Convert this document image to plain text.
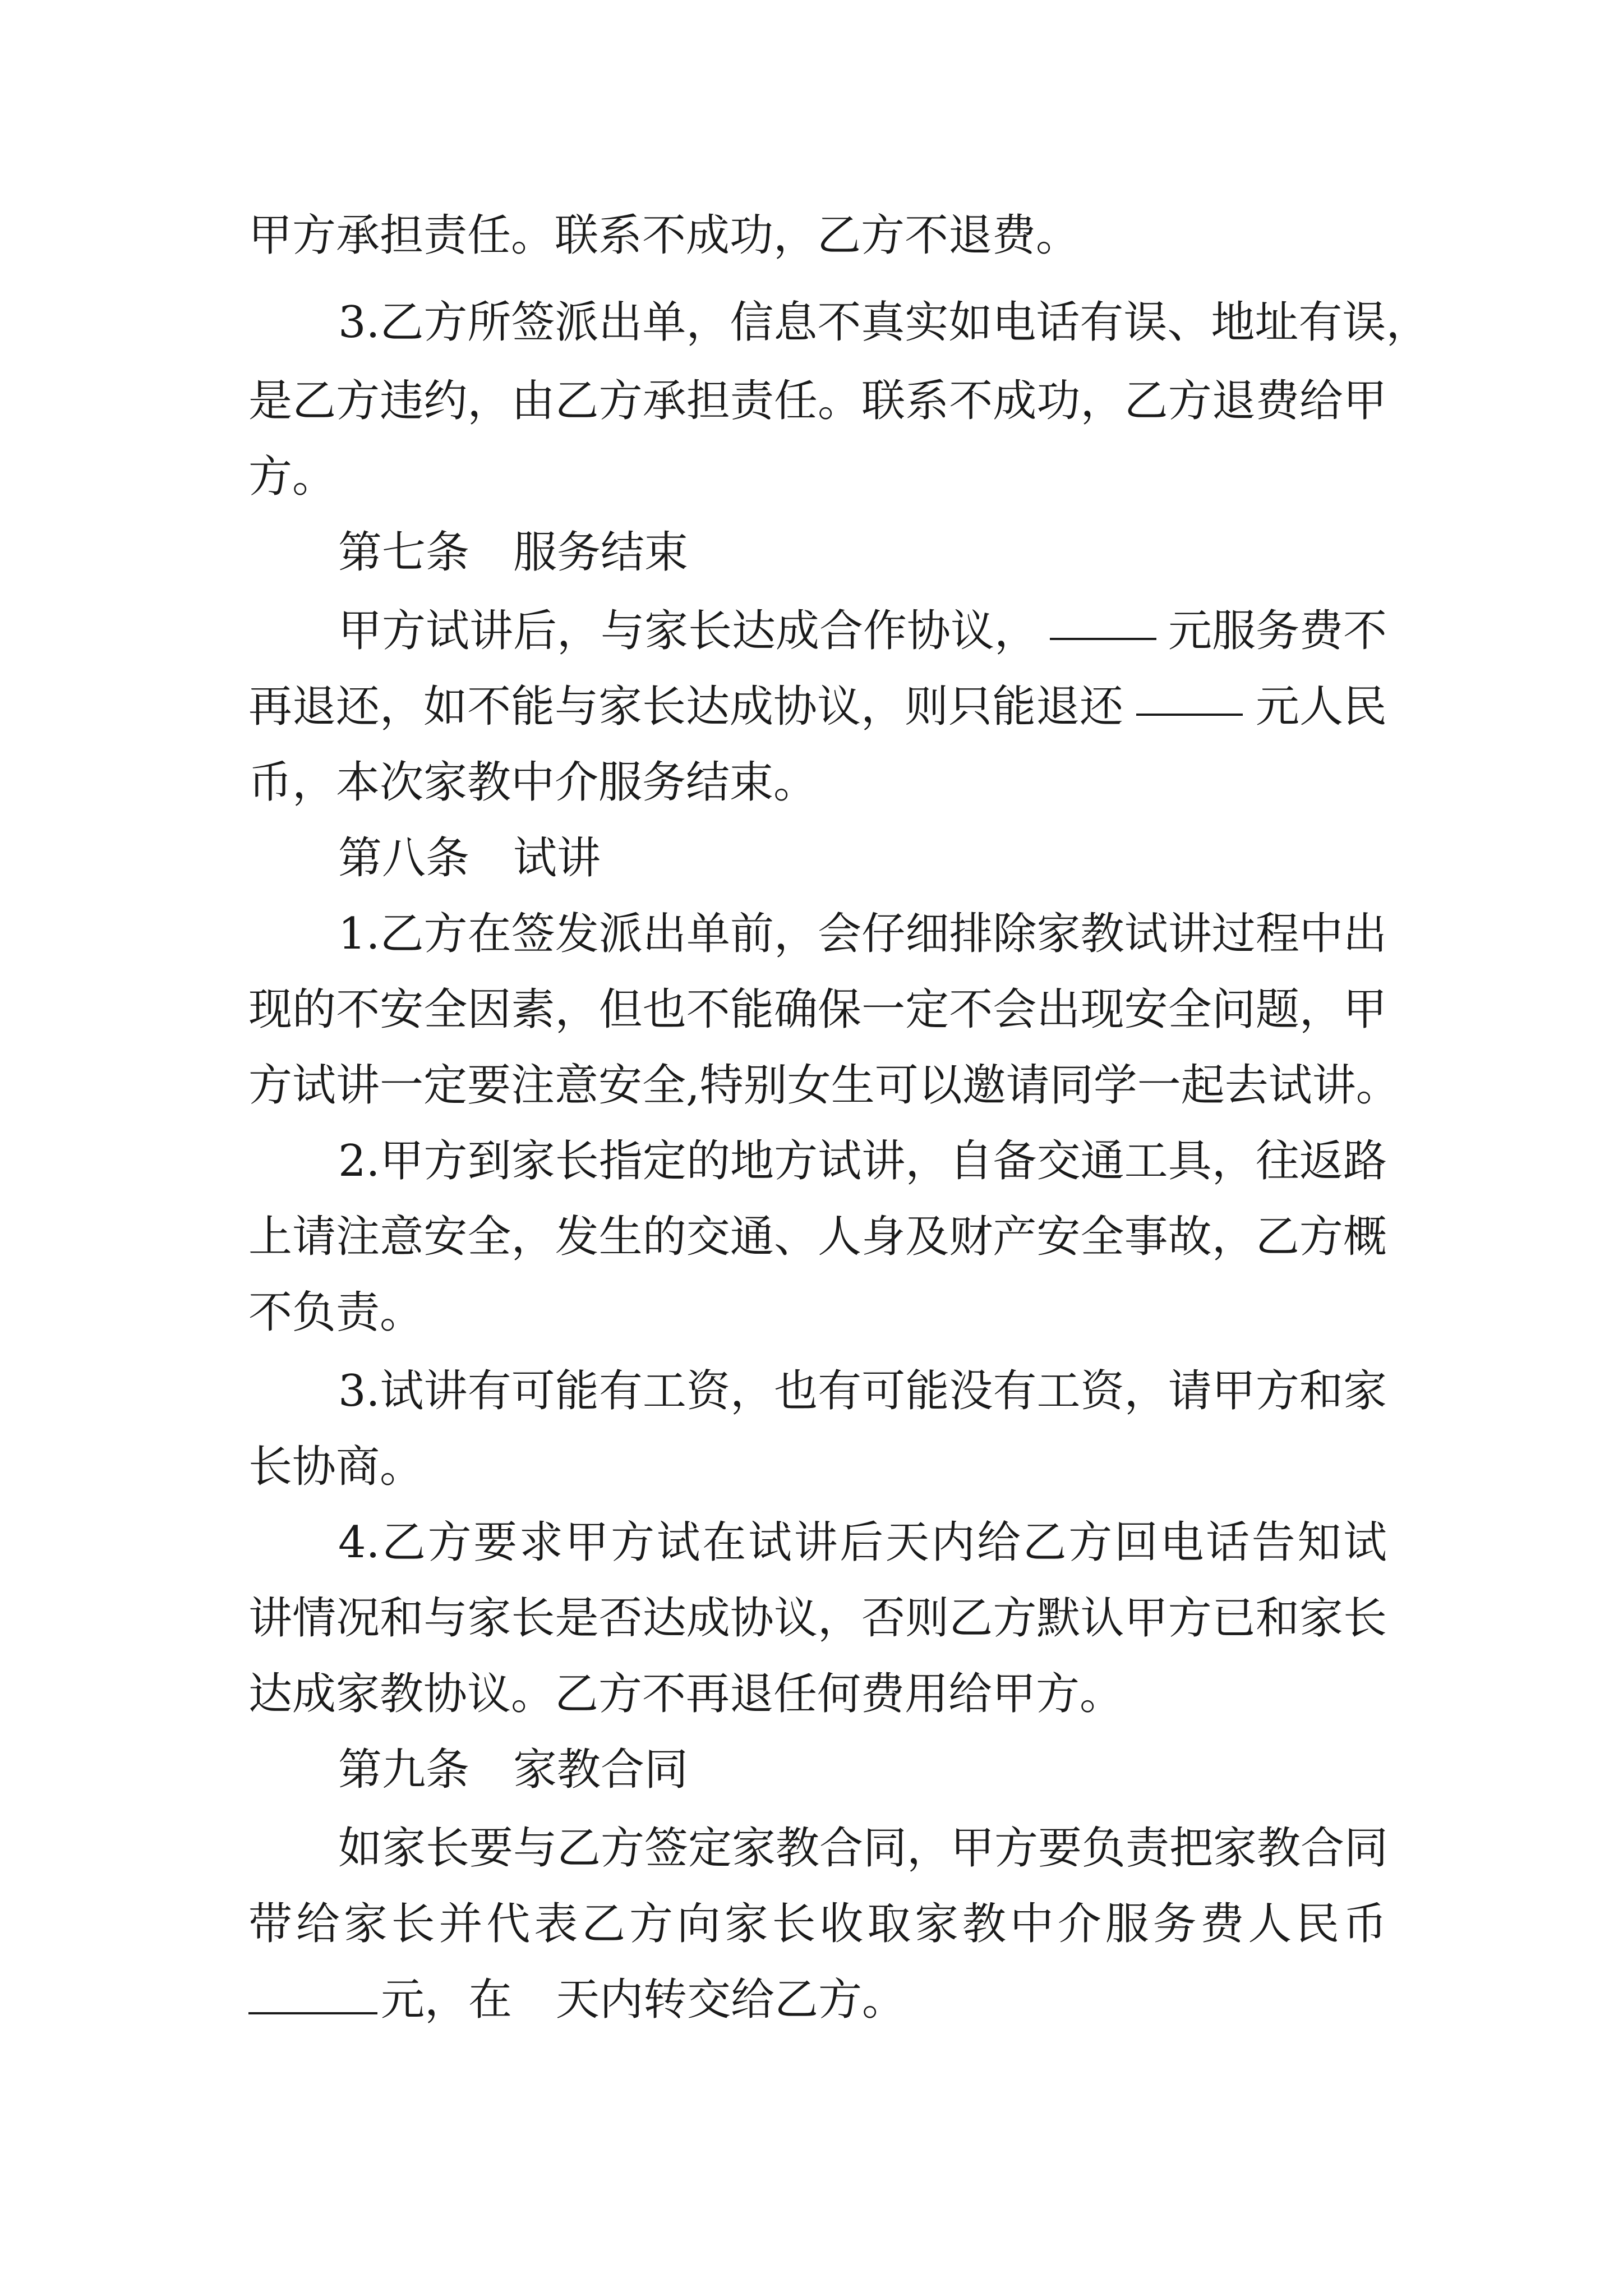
甲方承担责任。联系不成功，乙方不退费。
3.乙方所签派出单，信息不真实如电话有误、地址有误，
是乙方违约，由乙方承担责任。联系不成功，乙方退费给甲
方。
第七条　服务结束
甲方试讲后，与家长达成合作协议，	元服务费不
再退还，如不能与家长达成协议，则只能退还	元人民
币，本次家教中介服务结束。
第八条　试讲
1.乙方在签发派出单前，会仔细排除家教试讲过程中出
现的不安全因素，但也不能确保一定不会出现安全问题，甲
方试讲一定要注意安全,特别女生可以邀请同学一起去试讲。
2.甲方到家长指定的地方试讲，自备交通工具，往返路
上请注意安全，发生的交通、人身及财产安全事故，乙方概
不负责。
3.试讲有可能有工资，也有可能没有工资，请甲方和家
长协商。
4.乙方要求甲方试在试讲后天内给乙方回电话告知试
讲情况和与家长是否达成协议，否则乙方默认甲方已和家长
达成家教协议。乙方不再退任何费用给甲方。
第九条　家教合同
如家长要与乙方签定家教合同，甲方要负责把家教合同
带给家长并代表乙方向家长收取家教中介服务费人民币
元，在　天内转交给乙方。
